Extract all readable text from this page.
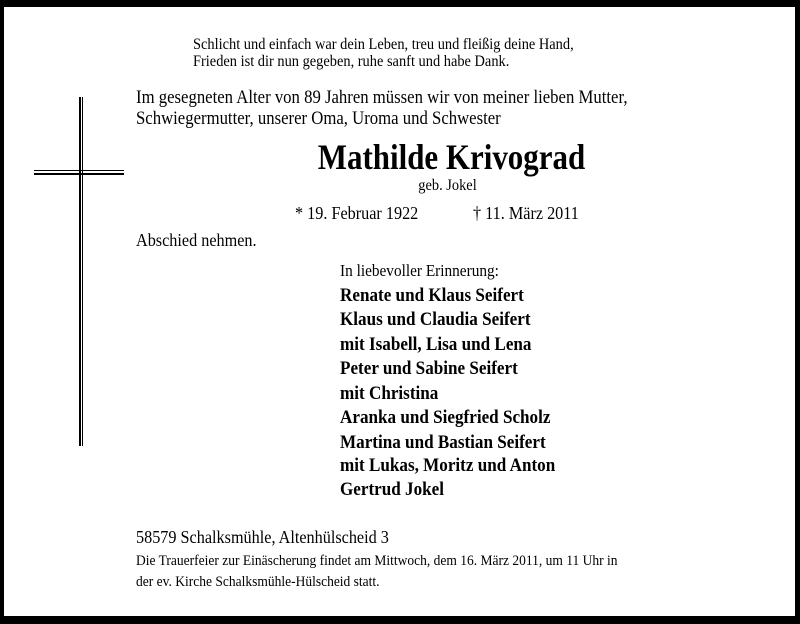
Schlicht und einfach war dein Leben, treu und fleißig deine Hand,
Frieden ist dir nun gegeben, ruhe sanft und habe Dank.
Im gesegneten Alter von 89 Jahren müssen wir von meiner lieben Mutter,
Schwiegermutter, unserer Oma, Uroma und Schwester
Mathilde Krivograd
geb. Jokel
* 19. Februar 1922	† 11. März 2011
Abschied nehmen.
In liebevoller Erinnerung:
Renate und Klaus Seifert
Klaus und Claudia Seifert
mit Isabell, Lisa und Lena
Peter und Sabine Seifert
mit Christina
Aranka und Siegfried Scholz
Martina und Bastian Seifert
mit Lukas, Moritz und Anton
Gertrud Jokel
58579 Schalksmühle, Altenhülscheid 3
Die Trauerfeier zur Einäscherung findet am Mittwoch, dem 16. März 2011, um 11 Uhr in
der ev. Kirche Schalksmühle-Hülscheid statt.
